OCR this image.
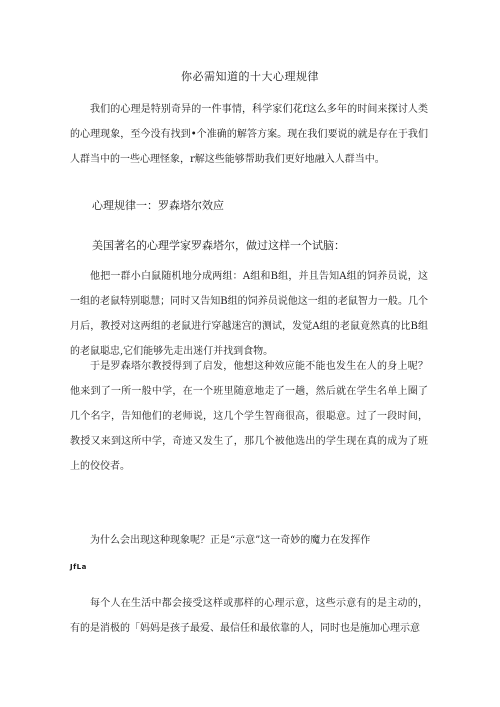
你必需知道的十大心理规律
我们的心理是特别奇异的一件事情，科学家们花f这么多年的时间来探讨人类的心理现象，至今没有找到•个准确的解答方案。现在我们要说的就是存在于我们人群当中的一些心理怪象，r解这些能够帮助我们更好地融入人群当中。
心理规律一：罗森塔尔效应
美国著名的心理学家罗森塔尔，做过这样一个试脑：
他把一群小白鼠随机地分成两组：A组和B组，并且告知A组的饲养员说，这一组的老鼠特别聪慧；同时又告知B组的饲养员说他这一组的老鼠智力一般。几个月后，教授对这两组的老鼠进行穿越迷宫的测试，发觉A组的老鼠竟然真的比B组的老鼠聪忠,它们能够先走出迷仃并找到食物。
于是罗森塔尔教授得到了启发，他想这种效应能不能也发生在人的身上呢？他来到了一所一般中学，在一个班里随意地走了一趟，然后就在学生名单上圈了几个名字，告知他们的老师说，这几个学生智商很高，很聪意。过了一段时间，教授又来到这所中学，奇迹又发生了，那几个被他选出的学生现在真的成为了班上的佼佼者。
为什么会出现这种现象呢？正是“示意”这一奇妙的魔力在发挥作
JfLa
每个人在生活中都会接受这样或那样的心理示意，这些示意有的是主动的，有的是消极的「妈妈是孩子最爱、最信任和最依靠的人，同时也是施加心理示意
